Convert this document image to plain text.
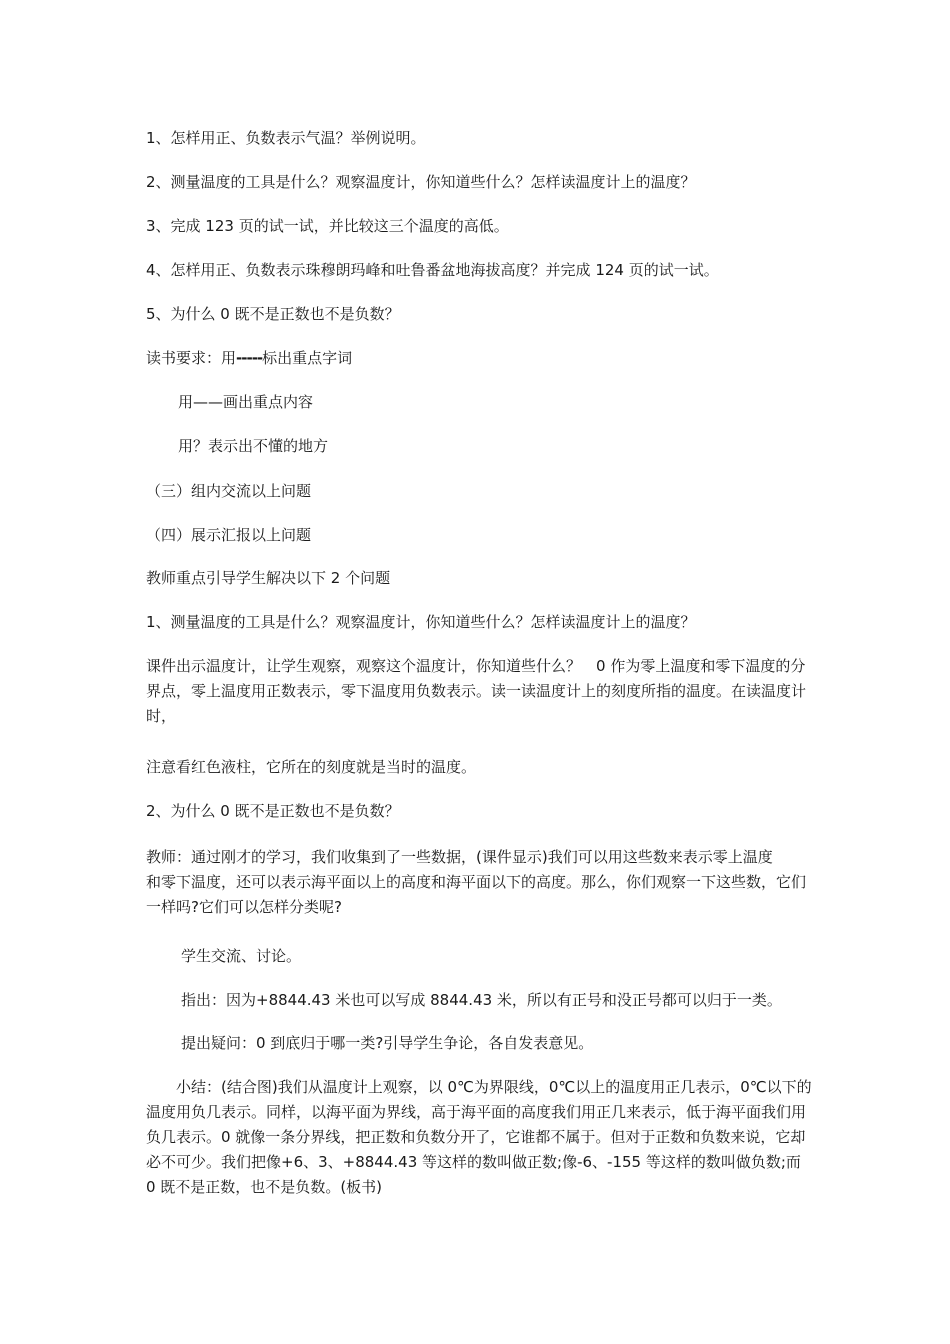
1、怎样用正、负数表示气温？举例说明。
2、测量温度的工具是什么？观察温度计，你知道些什么？怎样读温度计上的温度？
3、完成 123 页的试一试，并比较这三个温度的高低。
4、怎样用正、负数表示珠穆朗玛峰和吐鲁番盆地海拔高度？并完成 124 页的试一试。
5、为什么 0 既不是正数也不是负数？
读书要求：用-----标出重点字词
用——画出重点内容
用？表示出不懂的地方
（三）组内交流以上问题
（四）展示汇报以上问题
教师重点引导学生解决以下 2 个问题
1、测量温度的工具是什么？观察温度计，你知道些什么？怎样读温度计上的温度？
课件出示温度计，让学生观察，观察这个温度计，你知道些什么？　0 作为零上温度和零下温度的分界点，零上温度用正数表示，零下温度用负数表示。读一读温度计上的刻度所指的温度。在读温度计时，
注意看红色液柱，它所在的刻度就是当时的温度。
2、为什么 0 既不是正数也不是负数？
教师：通过刚才的学习，我们收集到了一些数据，(课件显示)我们可以用这些数来表示零上温度　　和零下温度，还可以表示海平面以上的高度和海平面以下的高度。那么，你们观察一下这些数，它们一样吗?它们可以怎样分类呢?
学生交流、讨论。
指出：因为+8844.43 米也可以写成 8844.43 米，所以有正号和没正号都可以归于一类。
提出疑问：0 到底归于哪一类?引导学生争论，各自发表意见。
小结：(结合图)我们从温度计上观察，以 0℃为界限线，0℃以上的温度用正几表示，0℃以下的温度用负几表示。同样，以海平面为界线，高于海平面的高度我们用正几来表示，低于海平面我们用负几表示。0 就像一条分界线，把正数和负数分开了，它谁都不属于。但对于正数和负数来说，它却必不可少。我们把像+6、3、+8844.43 等这样的数叫做正数;像-6、-155 等这样的数叫做负数;而 0 既不是正数，也不是负数。(板书)
